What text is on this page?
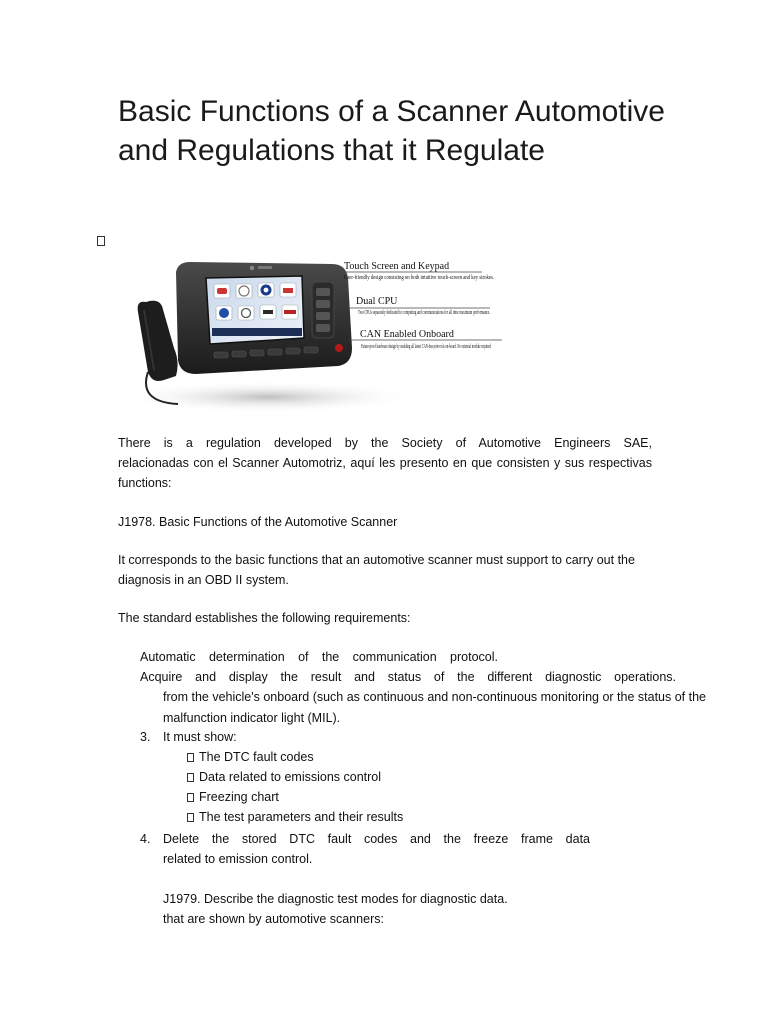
Basic Functions of a Scanner Automotive and Regulations that it Regulate
Touch Screen and Keypad
User-friendly design consisting on both intuitive touch-screen and key strokes.
Dual CPU
Two CPUs separately dedicated to computing and communications for all time maximum performance.
CAN Enabled Onboard
Future-proof hardware design by enabling all latest CAN-bus protocols on-board. No external module required

There is a regulation developed by the Society of Automotive Engineers SAE,
relacionadas con el Scanner Automotriz, aquí les presento en que consisten y sus respectivas
functions:

J1978. Basic Functions of the Automotive Scanner

It corresponds to the basic functions that an automotive scanner must support to carry out the
diagnosis in an OBD II system.

The standard establishes the following requirements:

Automatic determination of the communication protocol.

Acquire and display the result and status of the different diagnostic operations.

from the vehicle's onboard (such as continuous and non-continuous monitoring or the status of the

malfunction indicator light (MIL).

3. It must show:

The DTC fault codes

Data related to emissions control

Freezing chart

The test parameters and their results

4. Delete the stored DTC fault codes and the freeze frame data

related to emission control.

J1979. Describe the diagnostic test modes for diagnostic data.

that are shown by automotive scanners:
